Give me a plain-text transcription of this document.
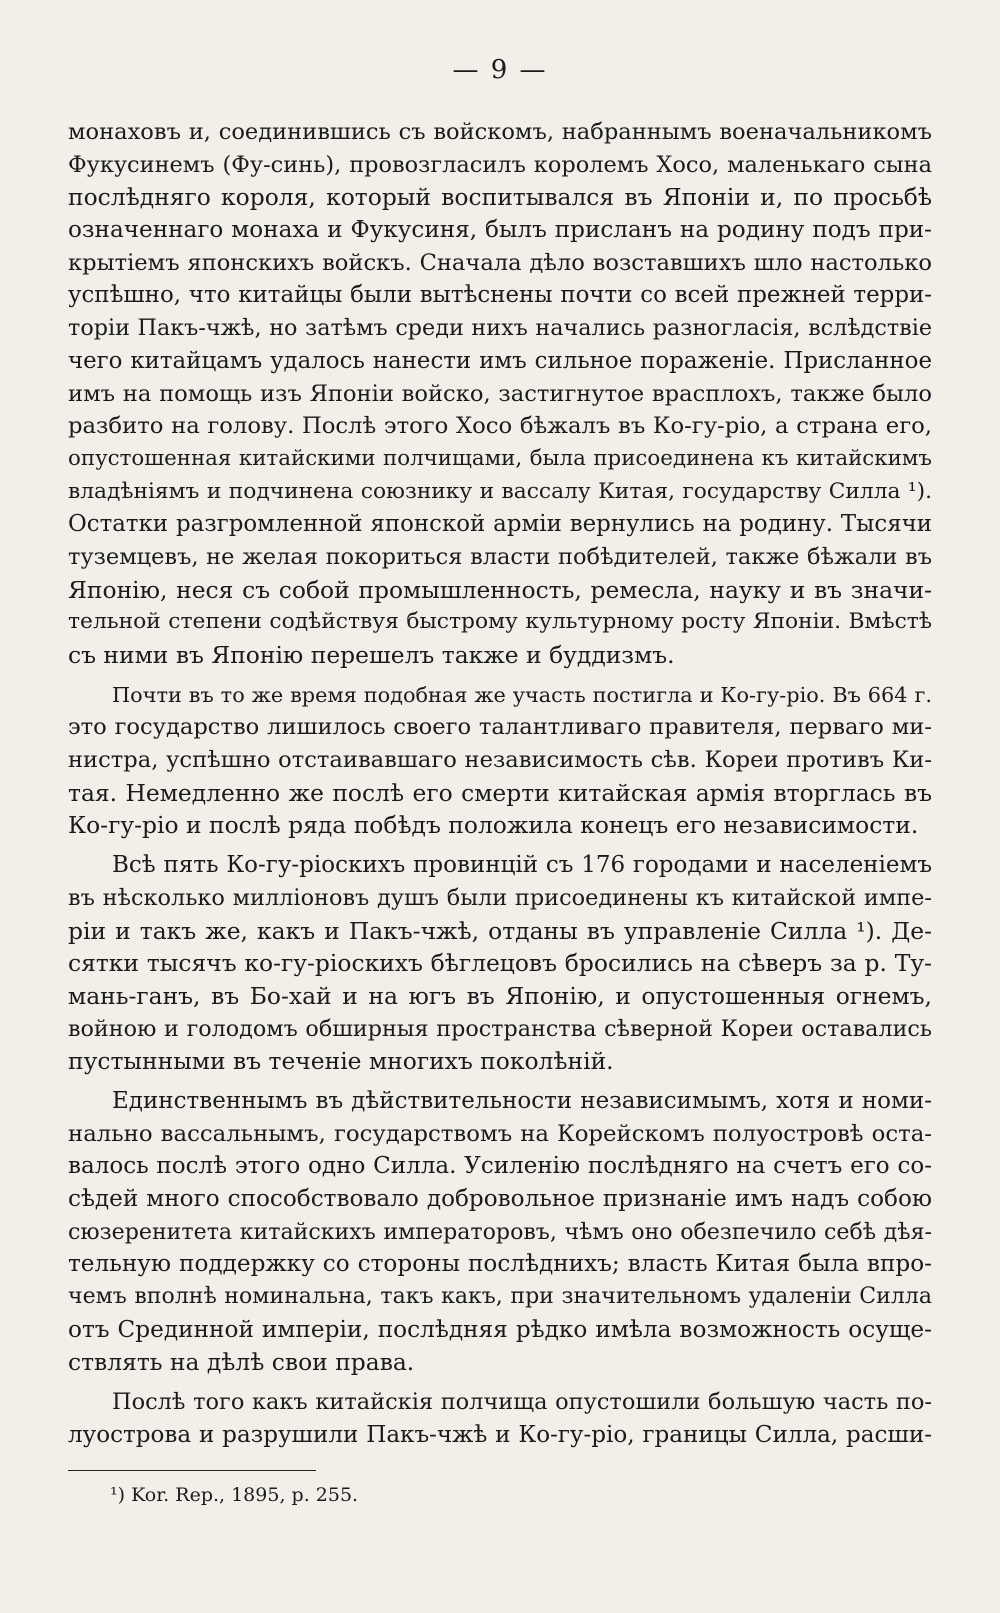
— 9 —
монаховъ и, соединившись съ войскомъ, набраннымъ военачальникомъ
Фукусинемъ (Фу-синь), провозгласилъ королемъ Хосо, маленькаго сына
послѣдняго короля, который воспитывался въ Японіи и, по просьбѣ
означеннаго монаха и Фукусиня, былъ присланъ на родину подъ при-
крытіемъ японскихъ войскъ. Сначала дѣло возставшихъ шло настолько
успѣшно, что китайцы были вытѣснены почти со всей прежней терри-
торіи Пакъ-чжѣ, но затѣмъ среди нихъ начались разногласія, вслѣдствіе
чего китайцамъ удалось нанести имъ сильное пораженіе. Присланное
имъ на помощь изъ Японіи войско, застигнутое врасплохъ, также было
разбито на голову. Послѣ этого Хосо бѣжалъ въ Ко-гу-ріо, а страна его,
опустошенная китайскими полчищами, была присоединена къ китайскимъ
владѣніямъ и подчинена союзнику и вассалу Китая, государству Силла ¹).
Остатки разгромленной японской арміи вернулись на родину. Тысячи
туземцевъ, не желая покориться власти побѣдителей, также бѣжали въ
Японію, неся съ собой промышленность, ремесла, науку и въ значи-
тельной степени содѣйствуя быстрому культурному росту Японіи. Вмѣстѣ
съ ними въ Японію перешелъ также и буддизмъ.
Почти въ то же время подобная же участь постигла и Ко-гу-ріо. Въ 664 г.
это государство лишилось своего талантливаго правителя, перваго ми-
нистра, успѣшно отстаивавшаго независимость сѣв. Кореи противъ Ки-
тая. Немедленно же послѣ его смерти китайская армія вторглась въ
Ко-гу-ріо и послѣ ряда побѣдъ положила конецъ его независимости.
Всѣ пять Ко-гу-ріоскихъ провинцій съ 176 городами и населеніемъ
въ нѣсколько милліоновъ душъ были присоединены къ китайской импе-
ріи и такъ же, какъ и Пакъ-чжѣ, отданы въ управленіе Силла ¹). Де-
сятки тысячъ ко-гу-ріоскихъ бѣглецовъ бросились на сѣверъ за р. Ту-
мань-ганъ, въ Бо-хай и на югъ въ Японію, и опустошенныя огнемъ,
войною и голодомъ обширныя пространства сѣверной Кореи оставались
пустынными въ теченіе многихъ поколѣній.
Единственнымъ въ дѣйствительности независимымъ, хотя и номи-
нально вассальнымъ, государствомъ на Корейскомъ полуостровѣ оста-
валось послѣ этого одно Силла. Усиленію послѣдняго на счетъ его со-
сѣдей много способствовало добровольное признаніе имъ надъ собою
сюзеренитета китайскихъ императоровъ, чѣмъ оно обезпечило себѣ дѣя-
тельную поддержку со стороны послѣднихъ; власть Китая была впро-
чемъ вполнѣ номинальна, такъ какъ, при значительномъ удаленіи Силла
отъ Срединной имперіи, послѣдняя рѣдко имѣла возможность осуще-
ствлять на дѣлѣ свои права.
Послѣ того какъ китайскія полчища опустошили большую часть по-
луострова и разрушили Пакъ-чжѣ и Ко-гу-ріо, границы Силла, расши-
¹) Kor. Rep., 1895, p. 255.
